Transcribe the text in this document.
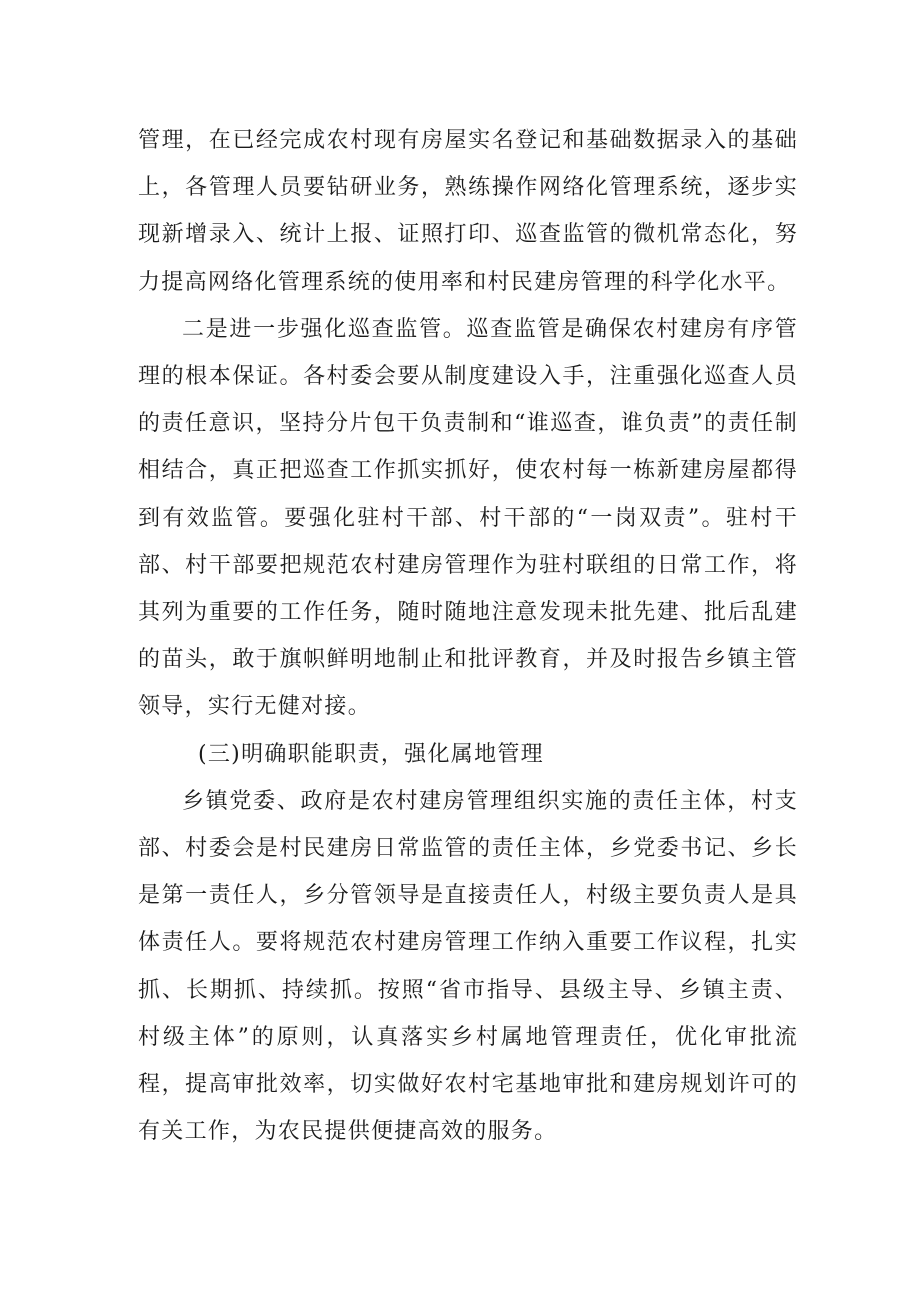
管理，在已经完成农村现有房屋实名登记和基础数据录入的基础上，各管理人员要钻研业务，熟练操作网络化管理系统，逐步实现新增录入、统计上报、证照打印、巡查监管的微机常态化，努力提高网络化管理系统的使用率和村民建房管理的科学化水平。

二是进一步强化巡查监管。巡查监管是确保农村建房有序管理的根本保证。各村委会要从制度建设入手，注重强化巡查人员的责任意识，坚持分片包干负责制和“谁巡查，谁负责”的责任制相结合，真正把巡查工作抓实抓好，使农村每一栋新建房屋都得到有效监管。要强化驻村干部、村干部的“一岗双责”。驻村干部、村干部要把规范农村建房管理作为驻村联组的日常工作，将其列为重要的工作任务，随时随地注意发现未批先建、批后乱建的苗头，敢于旗帜鲜明地制止和批评教育，并及时报告乡镇主管领导，实行无健对接。

(三)明确职能职责，强化属地管理

乡镇党委、政府是农村建房管理组织实施的责任主体，村支部、村委会是村民建房日常监管的责任主体，乡党委书记、乡长是第一责任人，乡分管领导是直接责任人，村级主要负责人是具体责任人。要将规范农村建房管理工作纳入重要工作议程，扎实抓、长期抓、持续抓。按照“省市指导、县级主导、乡镇主责、村级主体”的原则，认真落实乡村属地管理责任，优化审批流程，提高审批效率，切实做好农村宅基地审批和建房规划许可的有关工作，为农民提供便捷高效的服务。
